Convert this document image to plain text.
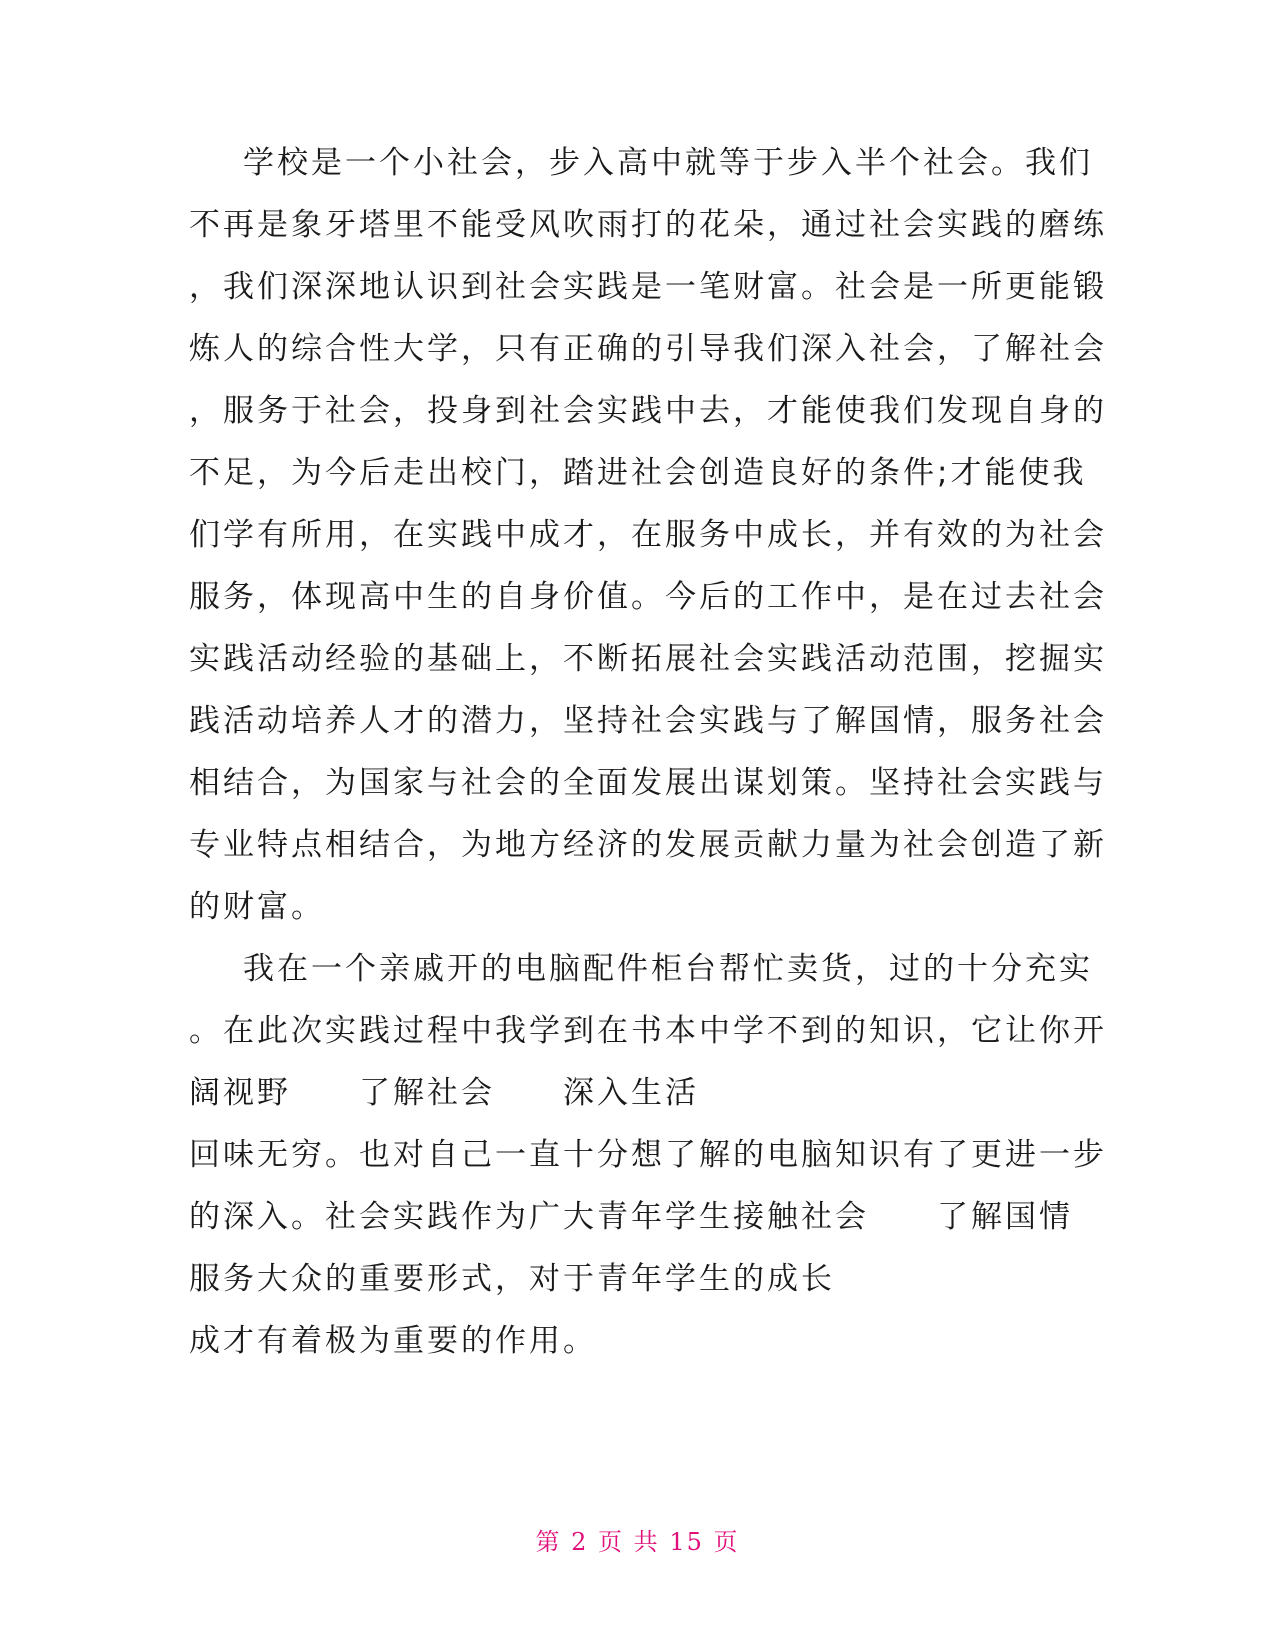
学校是一个小社会，步入高中就等于步入半个社会。我们
不再是象牙塔里不能受风吹雨打的花朵，通过社会实践的磨练
，我们深深地认识到社会实践是一笔财富。社会是一所更能锻
炼人的综合性大学，只有正确的引导我们深入社会，了解社会
，服务于社会，投身到社会实践中去，才能使我们发现自身的
不足，为今后走出校门，踏进社会创造良好的条件;才能使我
们学有所用，在实践中成才，在服务中成长，并有效的为社会
服务，体现高中生的自身价值。今后的工作中，是在过去社会
实践活动经验的基础上，不断拓展社会实践活动范围，挖掘实
践活动培养人才的潜力，坚持社会实践与了解国情，服务社会
相结合，为国家与社会的全面发展出谋划策。坚持社会实践与
专业特点相结合，为地方经济的发展贡献力量为社会创造了新
的财富。
我在一个亲戚开的电脑配件柜台帮忙卖货，过的十分充实
。在此次实践过程中我学到在书本中学不到的知识，它让你开
阔视野　　了解社会　　深入生活
回味无穷。也对自己一直十分想了解的电脑知识有了更进一步
的深入。社会实践作为广大青年学生接触社会　　了解国情
服务大众的重要形式，对于青年学生的成长
成才有着极为重要的作用。
第 2 页 共 15 页
